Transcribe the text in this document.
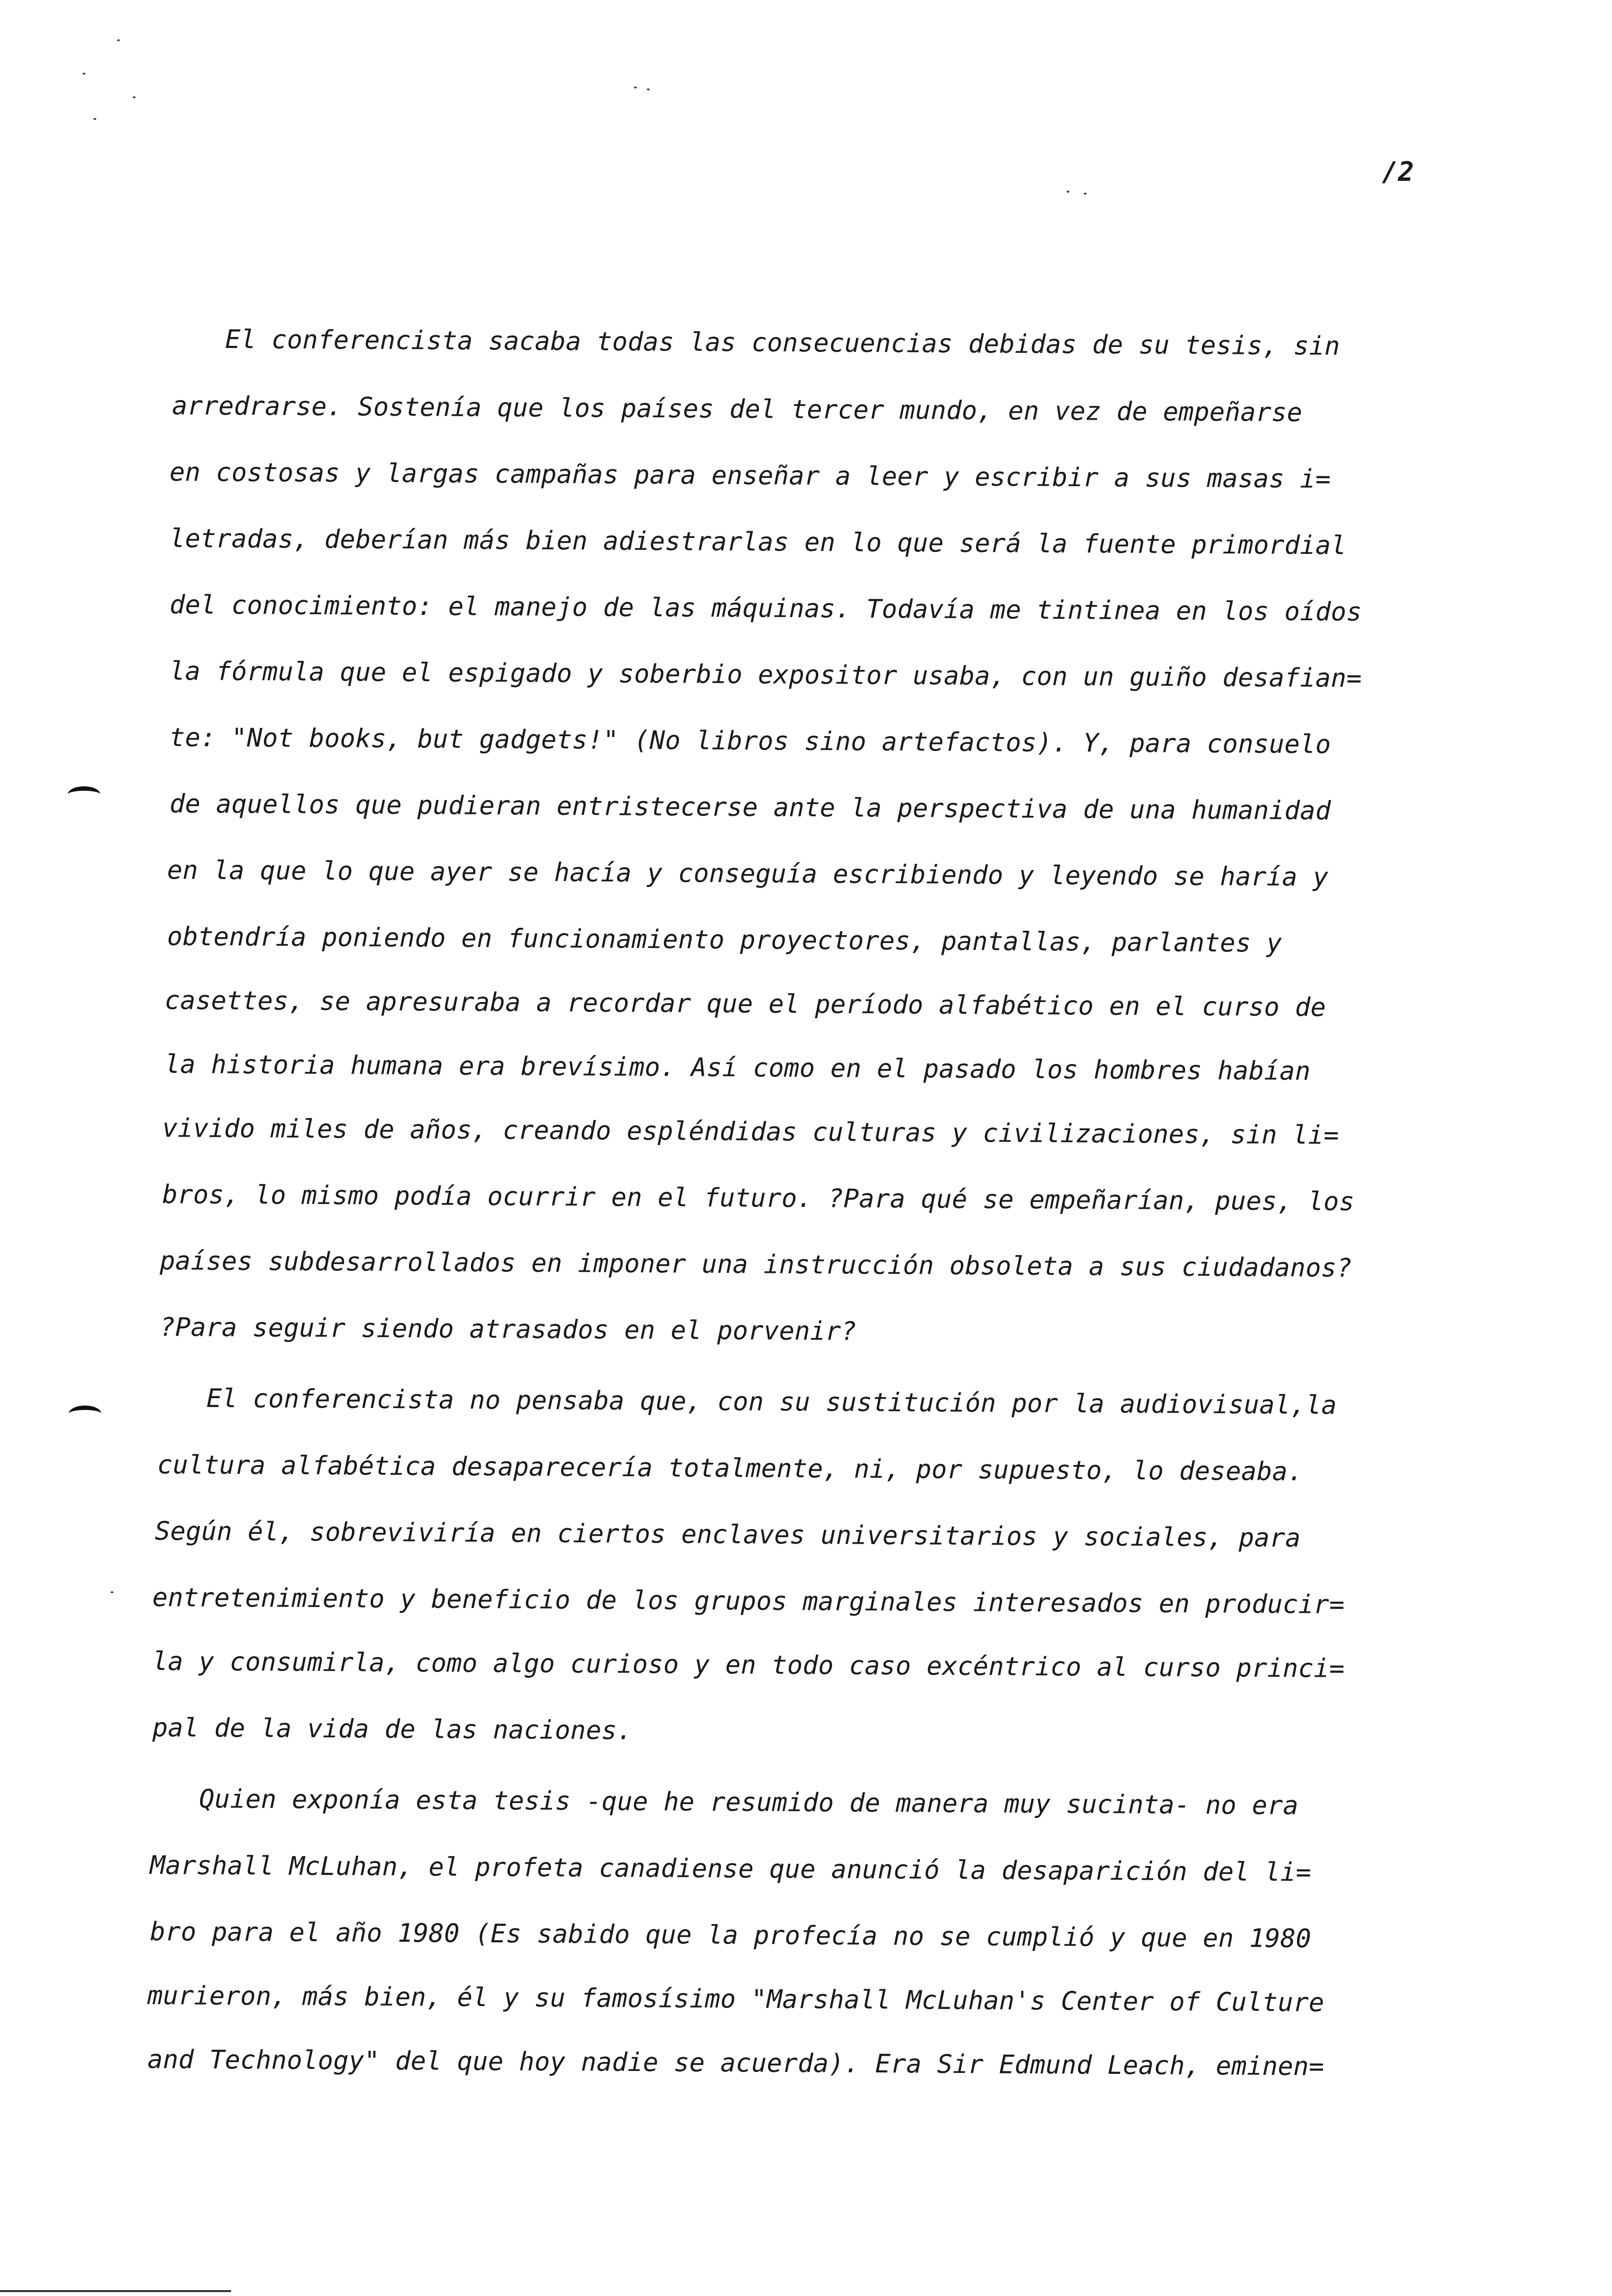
/2
El conferencista sacaba todas las consecuencias debidas de su tesis, sin
arredrarse. Sostenía que los países del tercer mundo, en vez de empeñarse
en costosas y largas campañas para enseñar a leer y escribir a sus masas i=
letradas, deberían más bien adiestrarlas en lo que será la fuente primordial
del conocimiento: el manejo de las máquinas. Todavía me tintinea en los oídos
la fórmula que el espigado y soberbio expositor usaba, con un guiño desafian=
te: "Not books, but gadgets!" (No libros sino artefactos). Y, para consuelo
de aquellos que pudieran entristecerse ante la perspectiva de una humanidad
en la que lo que ayer se hacía y conseguía escribiendo y leyendo se haría y
obtendría poniendo en funcionamiento proyectores, pantallas, parlantes y
casettes, se apresuraba a recordar que el período alfabético en el curso de
la historia humana era brevísimo. Así como en el pasado los hombres habían
vivido miles de años, creando espléndidas culturas y civilizaciones, sin li=
bros, lo mismo podía ocurrir en el futuro. ?Para qué se empeñarían, pues, los
países subdesarrollados en imponer una instrucción obsoleta a sus ciudadanos?
?Para seguir siendo atrasados en el porvenir?
El conferencista no pensaba que, con su sustitución por la audiovisual,la
cultura alfabética desaparecería totalmente, ni, por supuesto, lo deseaba.
Según él, sobreviviría en ciertos enclaves universitarios y sociales, para
entretenimiento y beneficio de los grupos marginales interesados en producir=
la y consumirla, como algo curioso y en todo caso excéntrico al curso princi=
pal de la vida de las naciones.
Quien exponía esta tesis -que he resumido de manera muy sucinta- no era
Marshall McLuhan, el profeta canadiense que anunció la desaparición del li=
bro para el año 1980 (Es sabido que la profecía no se cumplió y que en 1980
murieron, más bien, él y su famosísimo "Marshall McLuhan's Center of Culture
and Technology" del que hoy nadie se acuerda). Era Sir Edmund Leach, eminen=
